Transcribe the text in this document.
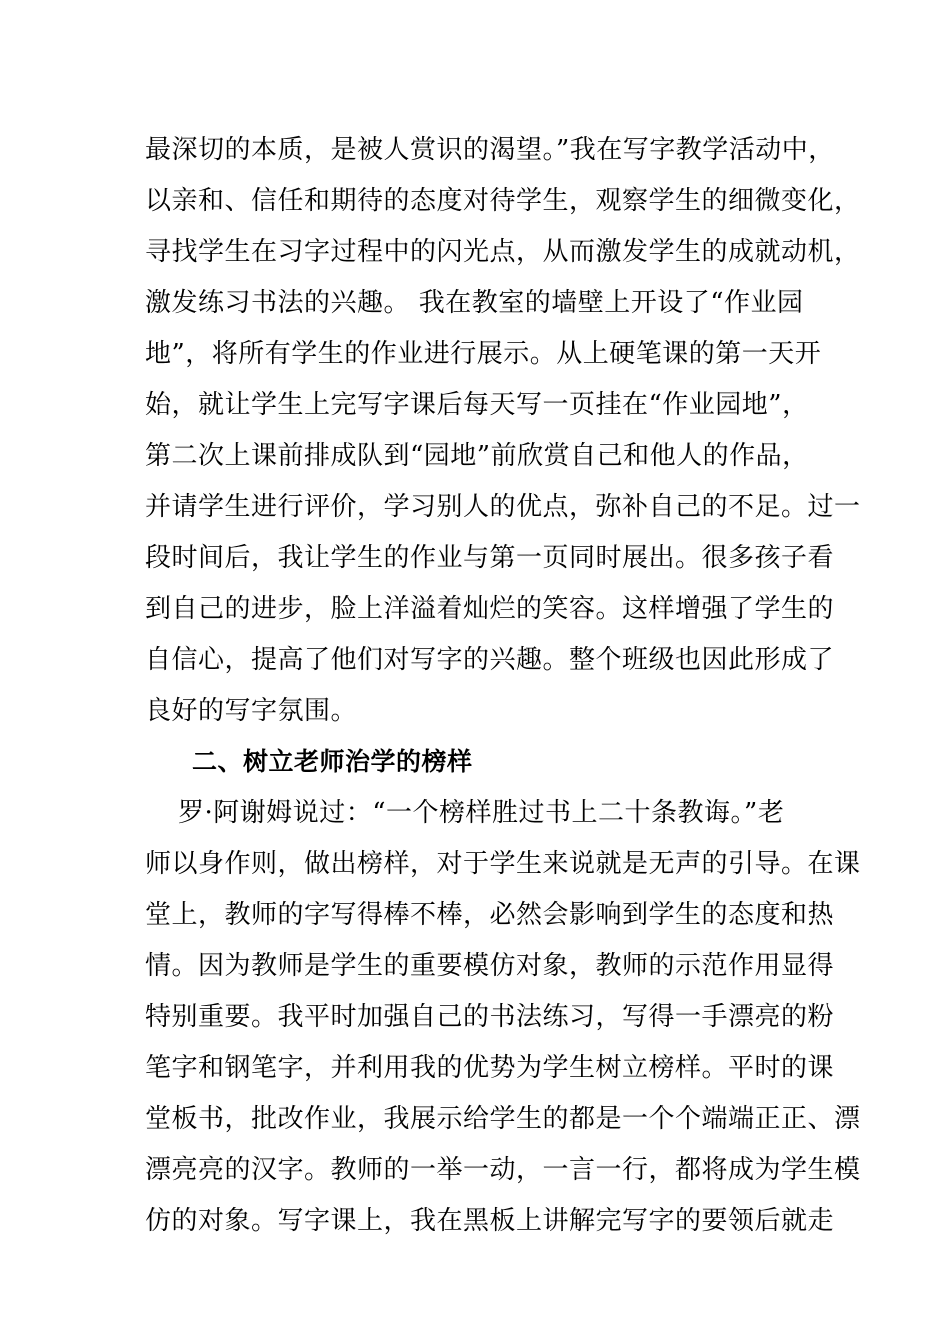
最深切的本质，是被人赏识的渴望。”我在写字教学活动中，
以亲和、信任和期待的态度对待学生，观察学生的细微变化，
寻找学生在习字过程中的闪光点，从而激发学生的成就动机，
激发练习书法的兴趣。 我在教室的墙壁上开设了“作业园
地”，将所有学生的作业进行展示。从上硬笔课的第一天开
始，就让学生上完写字课后每天写一页挂在“作业园地”，
第二次上课前排成队到“园地”前欣赏自己和他人的作品，
并请学生进行评价，学习别人的优点，弥补自己的不足。过一
段时间后，我让学生的作业与第一页同时展出。很多孩子看
到自己的进步，脸上洋溢着灿烂的笑容。这样增强了学生的
自信心，提高了他们对写字的兴趣。整个班级也因此形成了
良好的写字氛围。
二、树立老师治学的榜样
罗·阿谢姆说过：“一个榜样胜过书上二十条教诲。”老
师以身作则，做出榜样，对于学生来说就是无声的引导。在课
堂上，教师的字写得棒不棒，必然会影响到学生的态度和热
情。因为教师是学生的重要模仿对象，教师的示范作用显得
特别重要。我平时加强自己的书法练习，写得一手漂亮的粉
笔字和钢笔字，并利用我的优势为学生树立榜样。平时的课
堂板书，批改作业，我展示给学生的都是一个个端端正正、漂
漂亮亮的汉字。教师的一举一动，一言一行，都将成为学生模
仿的对象。写字课上，我在黑板上讲解完写字的要领后就走
